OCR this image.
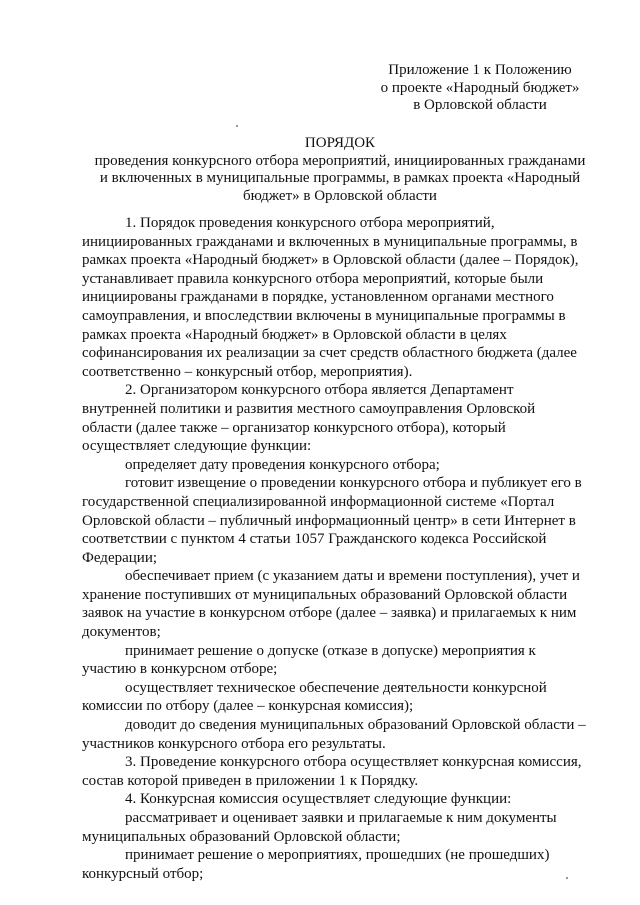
Приложение 1 к Положению
о проекте «Народный бюджет»
в Орловской области
ПОРЯДОК
проведения конкурсного отбора мероприятий, инициированных гражданами
и включенных в муниципальные программы, в рамках проекта «Народный
бюджет» в Орловской области
1. Порядок проведения конкурсного отбора мероприятий,
инициированных гражданами и включенных в муниципальные программы, в
рамках проекта «Народный бюджет» в Орловской области (далее – Порядок),
устанавливает правила конкурсного отбора мероприятий, которые были
инициированы гражданами в порядке, установленном органами местного
самоуправления, и впоследствии включены в муниципальные программы в
рамках проекта «Народный бюджет» в Орловской области в целях
софинансирования их реализации за счет средств областного бюджета (далее
соответственно – конкурсный отбор, мероприятия).
2. Организатором конкурсного отбора является Департамент
внутренней политики и развития местного самоуправления Орловской
области (далее также – организатор конкурсного отбора), который
осуществляет следующие функции:
определяет дату проведения конкурсного отбора;
готовит извещение о проведении конкурсного отбора и публикует его в
государственной специализированной информационной системе «Портал
Орловской области – публичный информационный центр» в сети Интернет в
соответствии с пунктом 4 статьи 1057 Гражданского кодекса Российской
Федерации;
обеспечивает прием (с указанием даты и времени поступления), учет и
хранение поступивших от муниципальных образований Орловской области
заявок на участие в конкурсном отборе (далее – заявка) и прилагаемых к ним
документов;
принимает решение о допуске (отказе в допуске) мероприятия к
участию в конкурсном отборе;
осуществляет техническое обеспечение деятельности конкурсной
комиссии по отбору (далее – конкурсная комиссия);
доводит до сведения муниципальных образований Орловской области –
участников конкурсного отбора его результаты.
3. Проведение конкурсного отбора осуществляет конкурсная комиссия,
состав которой приведен в приложении 1 к Порядку.
4. Конкурсная комиссия осуществляет следующие функции:
рассматривает и оценивает заявки и прилагаемые к ним документы
муниципальных образований Орловской области;
принимает решение о мероприятиях, прошедших (не прошедших)
конкурсный отбор;
